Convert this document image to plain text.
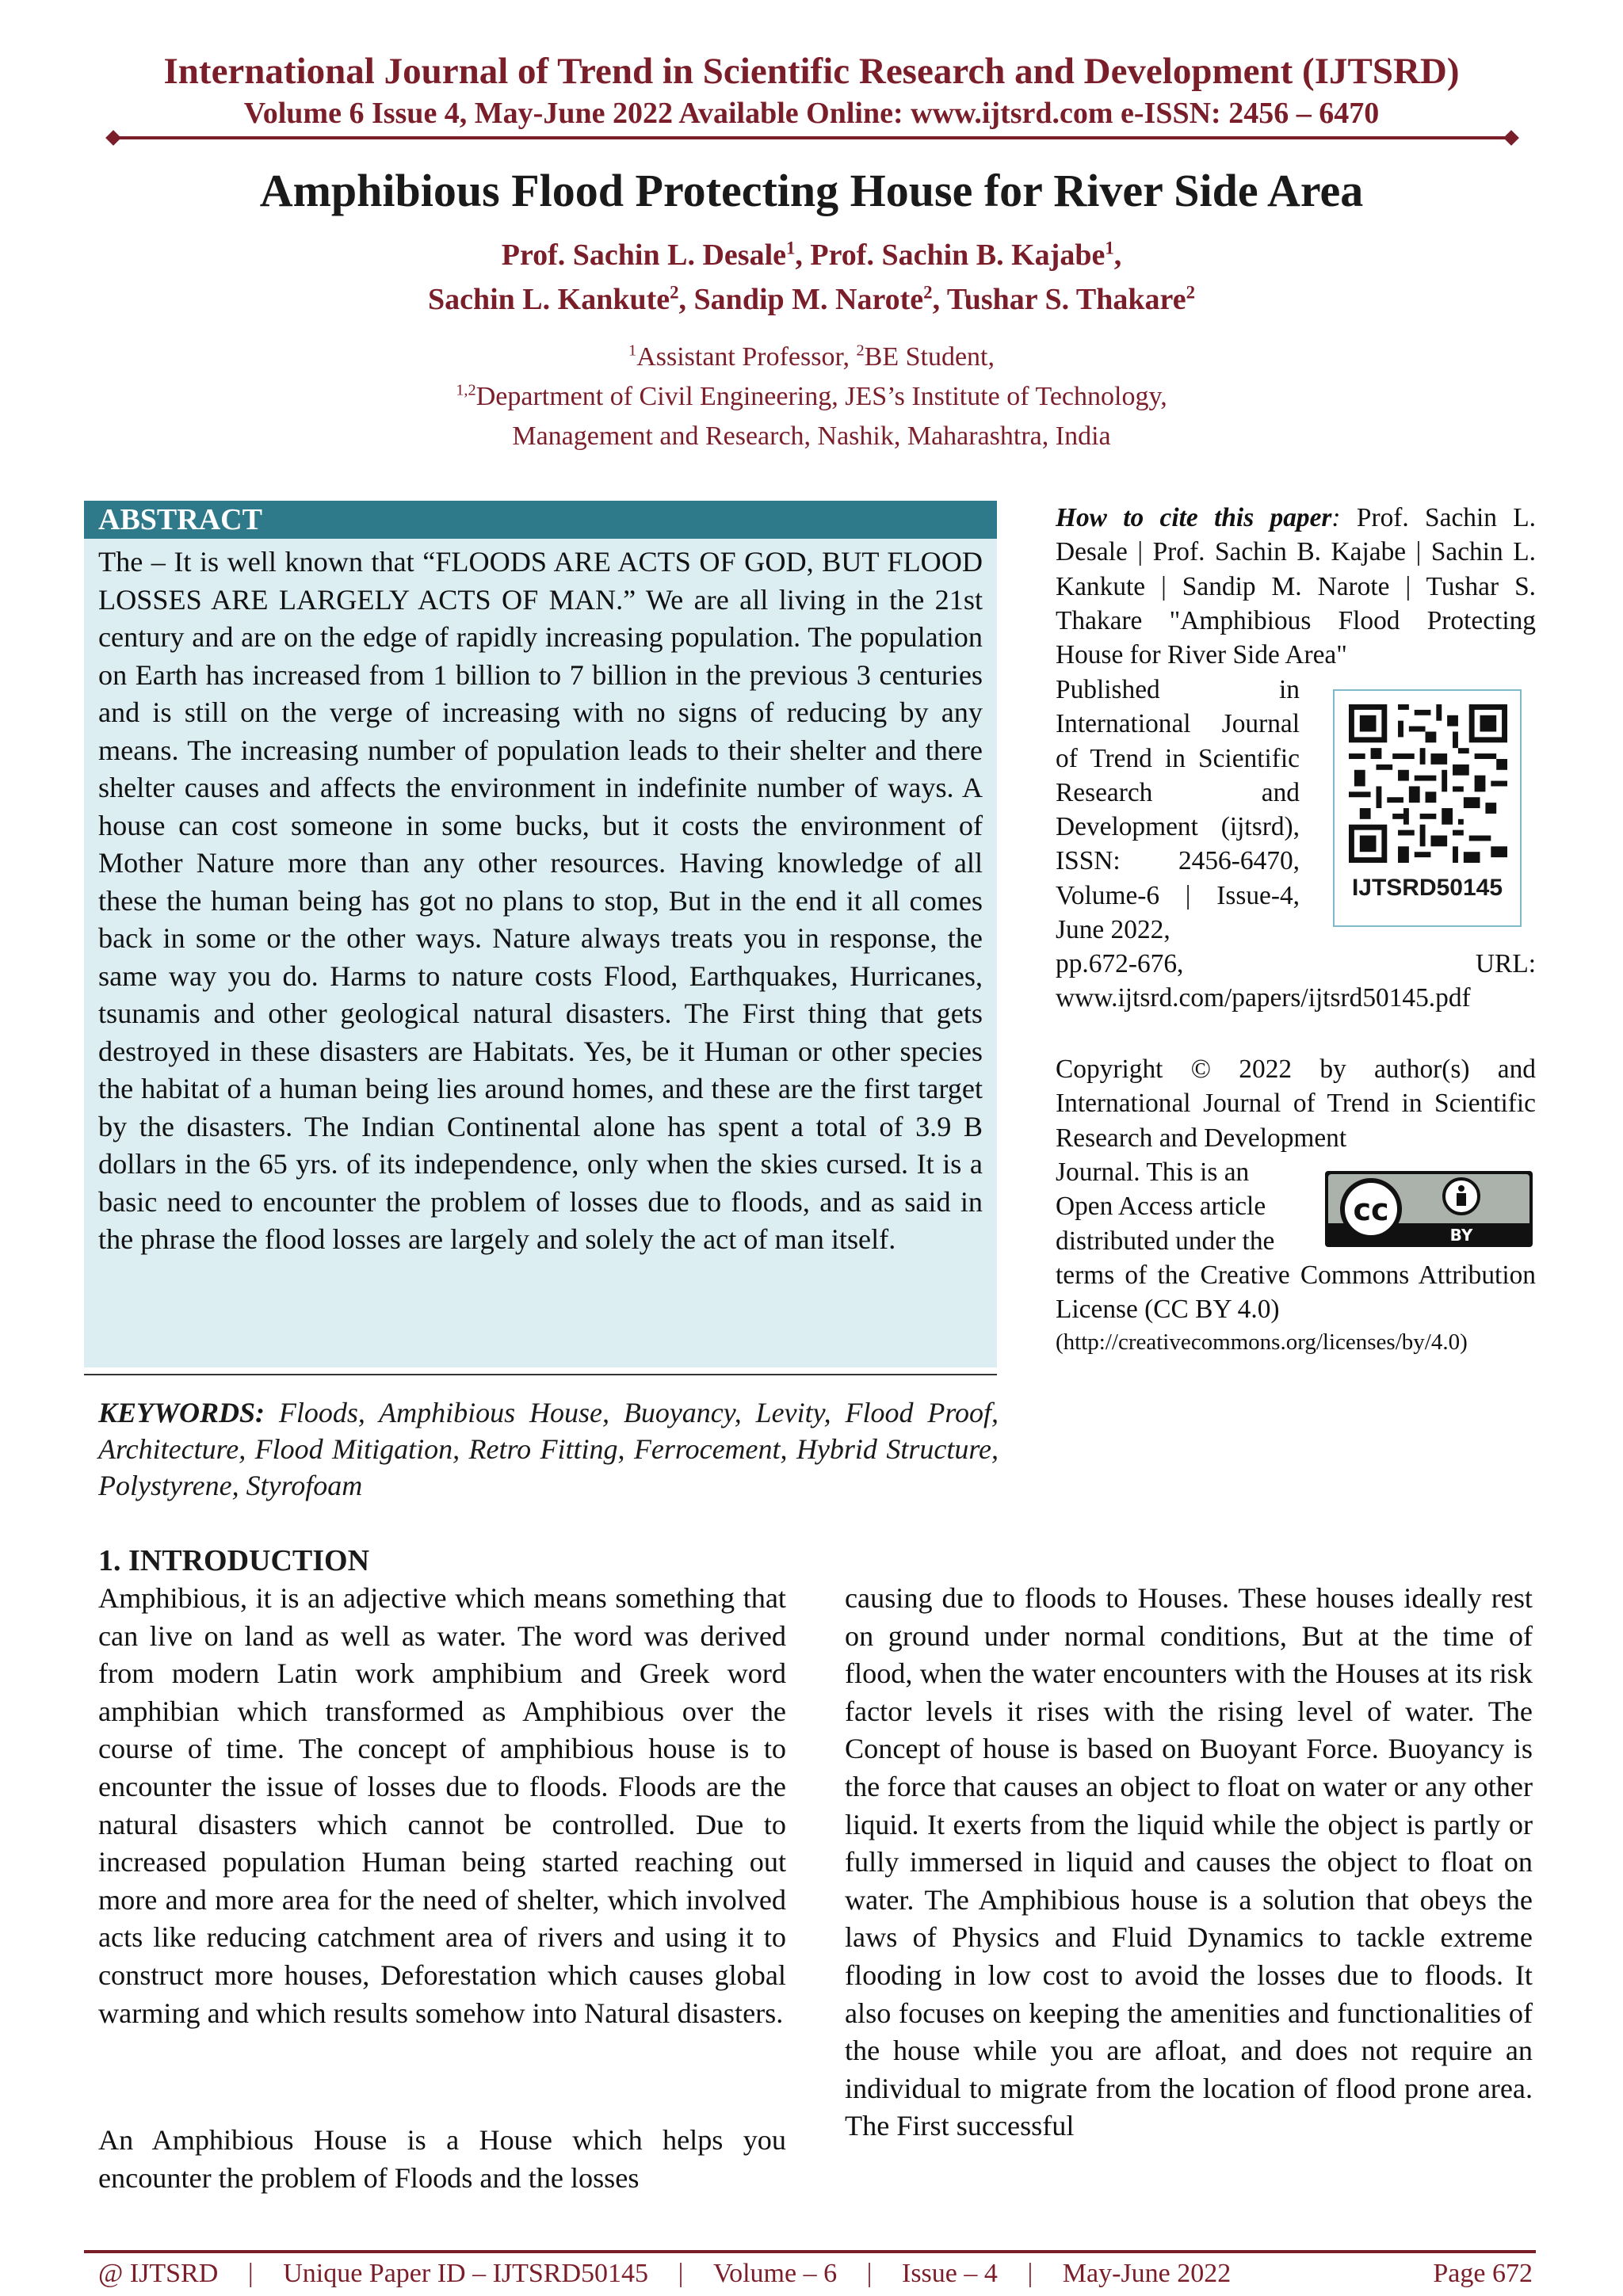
International Journal of Trend in Scientific Research and Development (IJTSRD)
Volume 6 Issue 4, May-June 2022 Available Online: www.ijtsrd.com e-ISSN: 2456 – 6470
Amphibious Flood Protecting House for River Side Area
Prof. Sachin L. Desale$^1$, Prof. Sachin B. Kajabe$^1$,
Sachin L. Kankute$^2$, Sandip M. Narote$^2$, Tushar S. Thakare$^2$
$^1$Assistant Professor, $^2$BE Student,
$^{1,2}$Department of Civil Engineering, JES’s Institute of Technology,
Management and Research, Nashik, Maharashtra, India
ABSTRACT
The – It is well known that “FLOODS ARE ACTS OF GOD, BUT FLOOD LOSSES ARE LARGELY ACTS OF MAN.” We are all living in the 21st century and are on the edge of rapidly increasing population. The population on Earth has increased from 1 billion to 7 billion in the previous 3 centuries and is still on the verge of increasing with no signs of reducing by any means. The increasing number of population leads to their shelter and there shelter causes and affects the environment in indefinite number of ways. A house can cost someone in some bucks, but it costs the environment of Mother Nature more than any other resources. Having knowledge of all these the human being has got no plans to stop, But in the end it all comes back in some or the other ways. Nature always treats you in response, the same way you do. Harms to nature costs Flood, Earthquakes, Hurricanes, tsunamis and other geological natural disasters. The First thing that gets destroyed in these disasters are Habitats. Yes, be it Human or other species the habitat of a human being lies around homes, and these are the first target by the disasters. The Indian Continental alone has spent a total of 3.9 B dollars in the 65 yrs. of its independence, only when the skies cursed. It is a basic need to encounter the problem of losses due to floods, and as said in the phrase the flood losses are largely and solely the act of man itself.
KEYWORDS: Floods, Amphibious House, Buoyancy, Levity, Flood Proof, Architecture, Flood Mitigation, Retro Fitting, Ferrocement, Hybrid Structure, Polystyrene, Styrofoam
How to cite this paper: Prof. Sachin L. Desale | Prof. Sachin B. Kajabe | Sachin L. Kankute | Sandip M. Narote | Tushar S. Thakare "Amphibious Flood Protecting House for River Side Area"
Published in International Journal of Trend in Scientific Research and Development (ijtsrd), ISSN: 2456-6470, Volume-6 | Issue-4, June 2022,
pp.672-676, URL: www.ijtsrd.com/papers/ijtsrd50145.pdf
IJTSRD50145
Copyright © 2022 by author(s) and International Journal of Trend in Scientific Research and Development
Journal. This is an Open Access article distributed under the
terms of the Creative Commons Attribution License (CC BY 4.0)
(http://creativecommons.org/licenses/by/4.0)
cc
BY
1. INTRODUCTION
Amphibious, it is an adjective which means something that can live on land as well as water. The word was derived from modern Latin work amphibium and Greek word amphibian which transformed as Amphibious over the course of time. The concept of amphibious house is to encounter the issue of losses due to floods. Floods are the natural disasters which cannot be controlled. Due to increased population Human being started reaching out more and more area for the need of shelter, which involved acts like reducing catchment area of rivers and using it to construct more houses, Deforestation which causes global warming and which results somehow into Natural disasters.
An Amphibious House is a House which helps you encounter the problem of Floods and the losses
causing due to floods to Houses. These houses ideally rest on ground under normal conditions, But at the time of flood, when the water encounters with the Houses at its risk factor levels it rises with the rising level of water. The Concept of house is based on Buoyant Force. Buoyancy is the force that causes an object to float on water or any other liquid. It exerts from the liquid while the object is partly or fully immersed in liquid and causes the object to float on water. The Amphibious house is a solution that obeys the laws of Physics and Fluid Dynamics to tackle extreme flooding in low cost to avoid the losses due to floods. It also focuses on keeping the amenities and functionalities of the house while you are afloat, and does not require an individual to migrate from the location of flood prone area. The First successful
@ IJTSRD | Unique Paper ID – IJTSRD50145 | Volume – 6 | Issue – 4 | May-June 2022	Page 672
